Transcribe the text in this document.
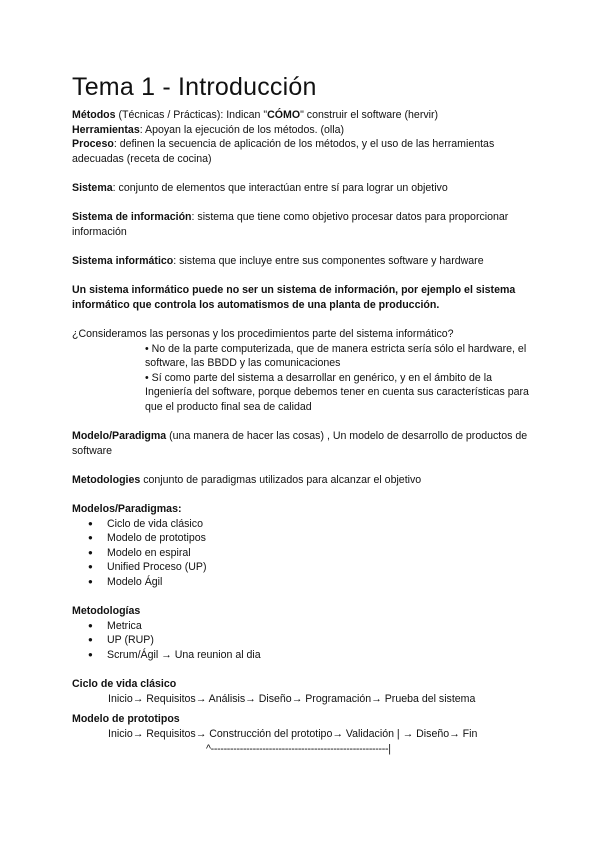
Tema 1 - Introducción

Métodos (Técnicas / Prácticas): Indican "CÓMO" construir el software (hervir)

Herramientas: Apoyan la ejecución de los métodos. (olla)

Proceso: definen la secuencia de aplicación de los métodos, y el uso de las herramientas adecuadas (receta de cocina)

Sistema: conjunto de elementos que interactúan entre sí para lograr un objetivo

Sistema de información: sistema que tiene como objetivo procesar datos para proporcionar información

Sistema informático: sistema que incluye entre sus componentes software y hardware

Un sistema informático puede no ser un sistema de información, por ejemplo el sistema informático que controla los automatismos de una planta de producción.

¿Consideramos las personas y los procedimientos parte del sistema informático?

• No de la parte computerizada, que de manera estricta sería sólo el hardware, el software, las BBDD y las comunicaciones

• Sí como parte del sistema a desarrollar en genérico, y en el ámbito de la Ingeniería del software, porque debemos tener en cuenta sus características para que el producto final sea de calidad

Modelo/Paradigma (una manera de hacer las cosas) , Un modelo de desarrollo de productos de software

Metodologies conjunto de paradigmas utilizados para alcanzar el objetivo

Modelos/Paradigmas:

● Ciclo de vida clásico
● Modelo de prototipos
● Modelo en espiral
● Unified Proceso (UP)
● Modelo Ágil

Metodologías

● Metrica
● UP (RUP)
● Scrum/Ágil → Una reunion al dia

Ciclo de vida clásico

Inicio→ Requisitos→ Análisis→ Diseño→ Programación→ Prueba del sistema

Modelo de prototipos

Inicio→ Requisitos→ Construcción del prototipo→ Validación | → Diseño→ Fin

^-------------------------------------------------------|
